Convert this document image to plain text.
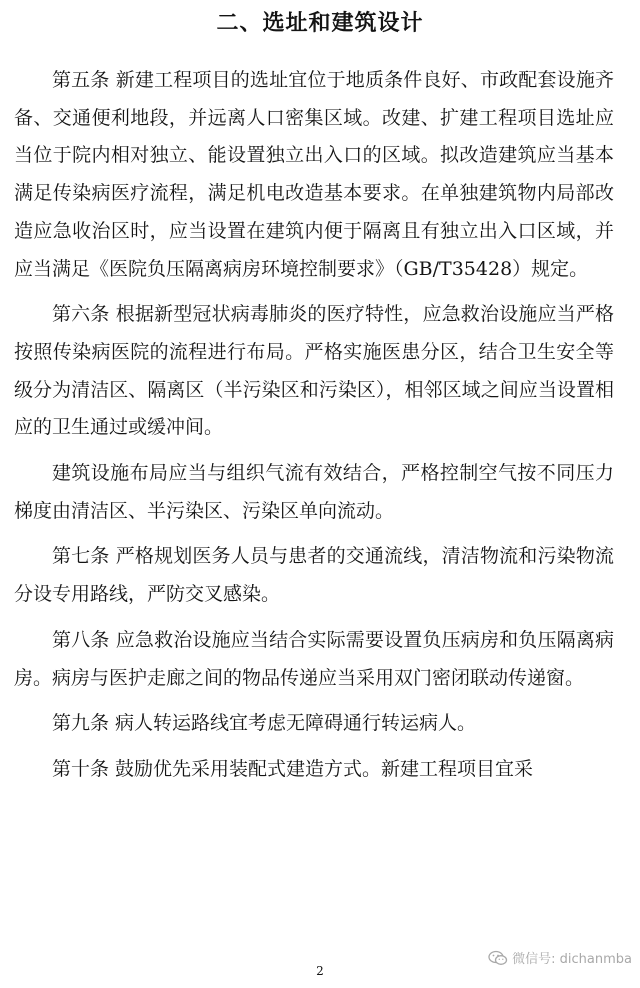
二、选址和建筑设计

第五条 新建工程项目的选址宜位于地质条件良好、市政配套设施齐备、交通便利地段，并远离人口密集区域。改建、扩建工程项目选址应当位于院内相对独立、能设置独立出入口的区域。拟改造建筑应当基本满足传染病医疗流程，满足机电改造基本要求。在单独建筑物内局部改造应急收治区时，应当设置在建筑内便于隔离且有独立出入口区域，并应当满足《医院负压隔离病房环境控制要求》（GB/T35428）规定。

第六条 根据新型冠状病毒肺炎的医疗特性，应急救治设施应当严格按照传染病医院的流程进行布局。严格实施医患分区，结合卫生安全等级分为清洁区、隔离区（半污染区和污染区），相邻区域之间应当设置相应的卫生通过或缓冲间。

建筑设施布局应当与组织气流有效结合，严格控制空气按不同压力梯度由清洁区、半污染区、污染区单向流动。

第七条 严格规划医务人员与患者的交通流线，清洁物流和污染物流分设专用路线，严防交叉感染。

第八条 应急救治设施应当结合实际需要设置负压病房和负压隔离病房。病房与医护走廊之间的物品传递应当采用双门密闭联动传递窗。

第九条 病人转运路线宜考虑无障碍通行转运病人。

第十条 鼓励优先采用装配式建造方式。新建工程项目宜采

2
微信号: dichanmba
